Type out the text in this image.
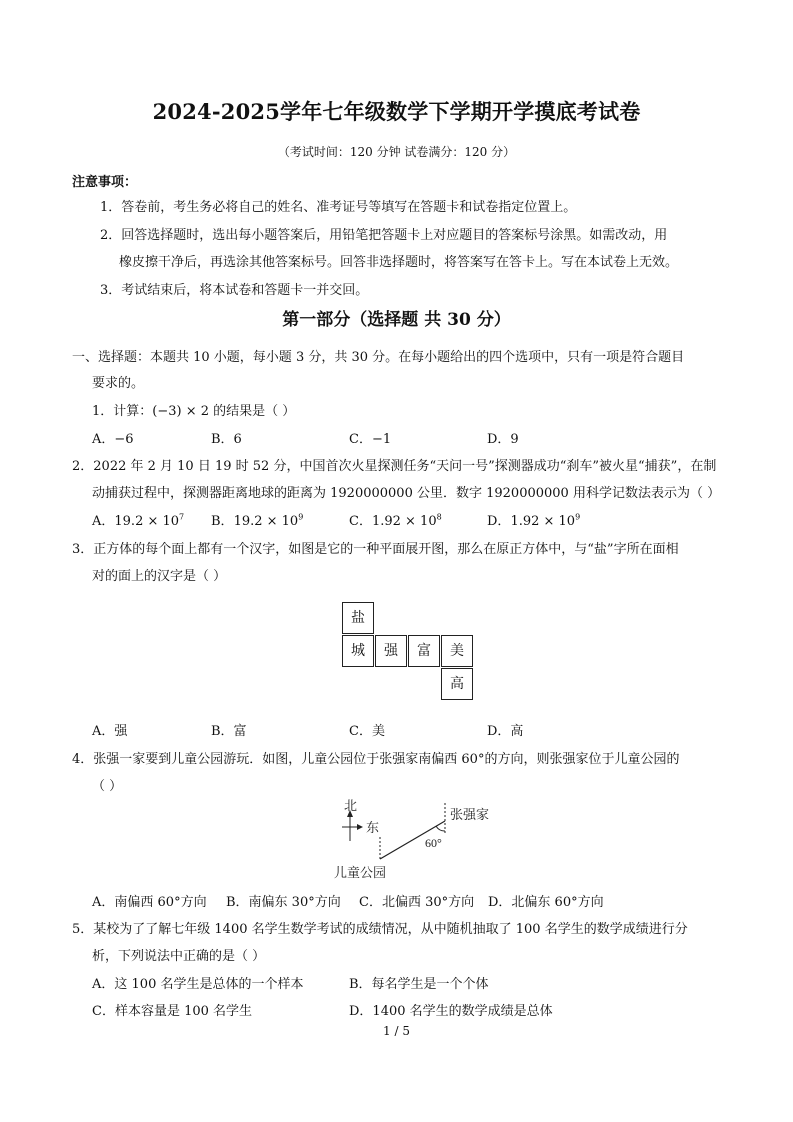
2024-2025学年七年级数学下学期开学摸底考试卷
（考试时间：120 分钟 试卷满分：120 分）
注意事项：
1．答卷前，考生务必将自己的姓名、准考证号等填写在答题卡和试卷指定位置上。
2．回答选择题时，选出每小题答案后，用铅笔把答题卡上对应题目的答案标号涂黑。如需改动，用
橡皮擦干净后，再选涂其他答案标号。回答非选择题时，将答案写在答卡上。写在本试卷上无效。
3．考试结束后，将本试卷和答题卡一并交回。
第一部分（选择题 共 30 分）
一、选择题：本题共 10 小题，每小题 3 分，共 30 分。在每小题给出的四个选项中，只有一项是符合题目
要求的。
1．计算：(−3) × 2 的结果是（ ）
A．−6	B．6	C．−1	D．9
2．2022 年 2 月 10 日 19 时 52 分，中国首次火星探测任务“天问一号”探测器成功“刹车”被火星“捕获”，在制
动捕获过程中，探测器距离地球的距离为 1920000000 公里．数字 1920000000 用科学记数法表示为（ ）
A．$19.2 \times 10^7$ B．$19.2 \times 10^9$	C．$1.92 \times 10^8$	D．$1.92 \times 10^9$
3．正方体的每个面上都有一个汉字，如图是它的一种平面展开图，那么在原正方体中，与“盐”字所在面相
对的面上的汉字是（ ）
盐
城	强	富	美
高
A．强	B．富	C．美	D．高
4．张强一家要到儿童公园游玩．如图，儿童公园位于张强家南偏西 60°的方向，则张强家位于儿童公园的
（ ）
北
东
60°
张强家
儿童公园
A．南偏西 60°方向 B．南偏东 30°方向 C．北偏西 30°方向 D．北偏东 60°方向
5．某校为了了解七年级 1400 名学生数学考试的成绩情况，从中随机抽取了 100 名学生的数学成绩进行分
析，下列说法中正确的是（ ）
A．这 100 名学生是总体的一个样本	B．每名学生是一个个体
C．样本容量是 100 名学生	D．1400 名学生的数学成绩是总体
1 / 5
